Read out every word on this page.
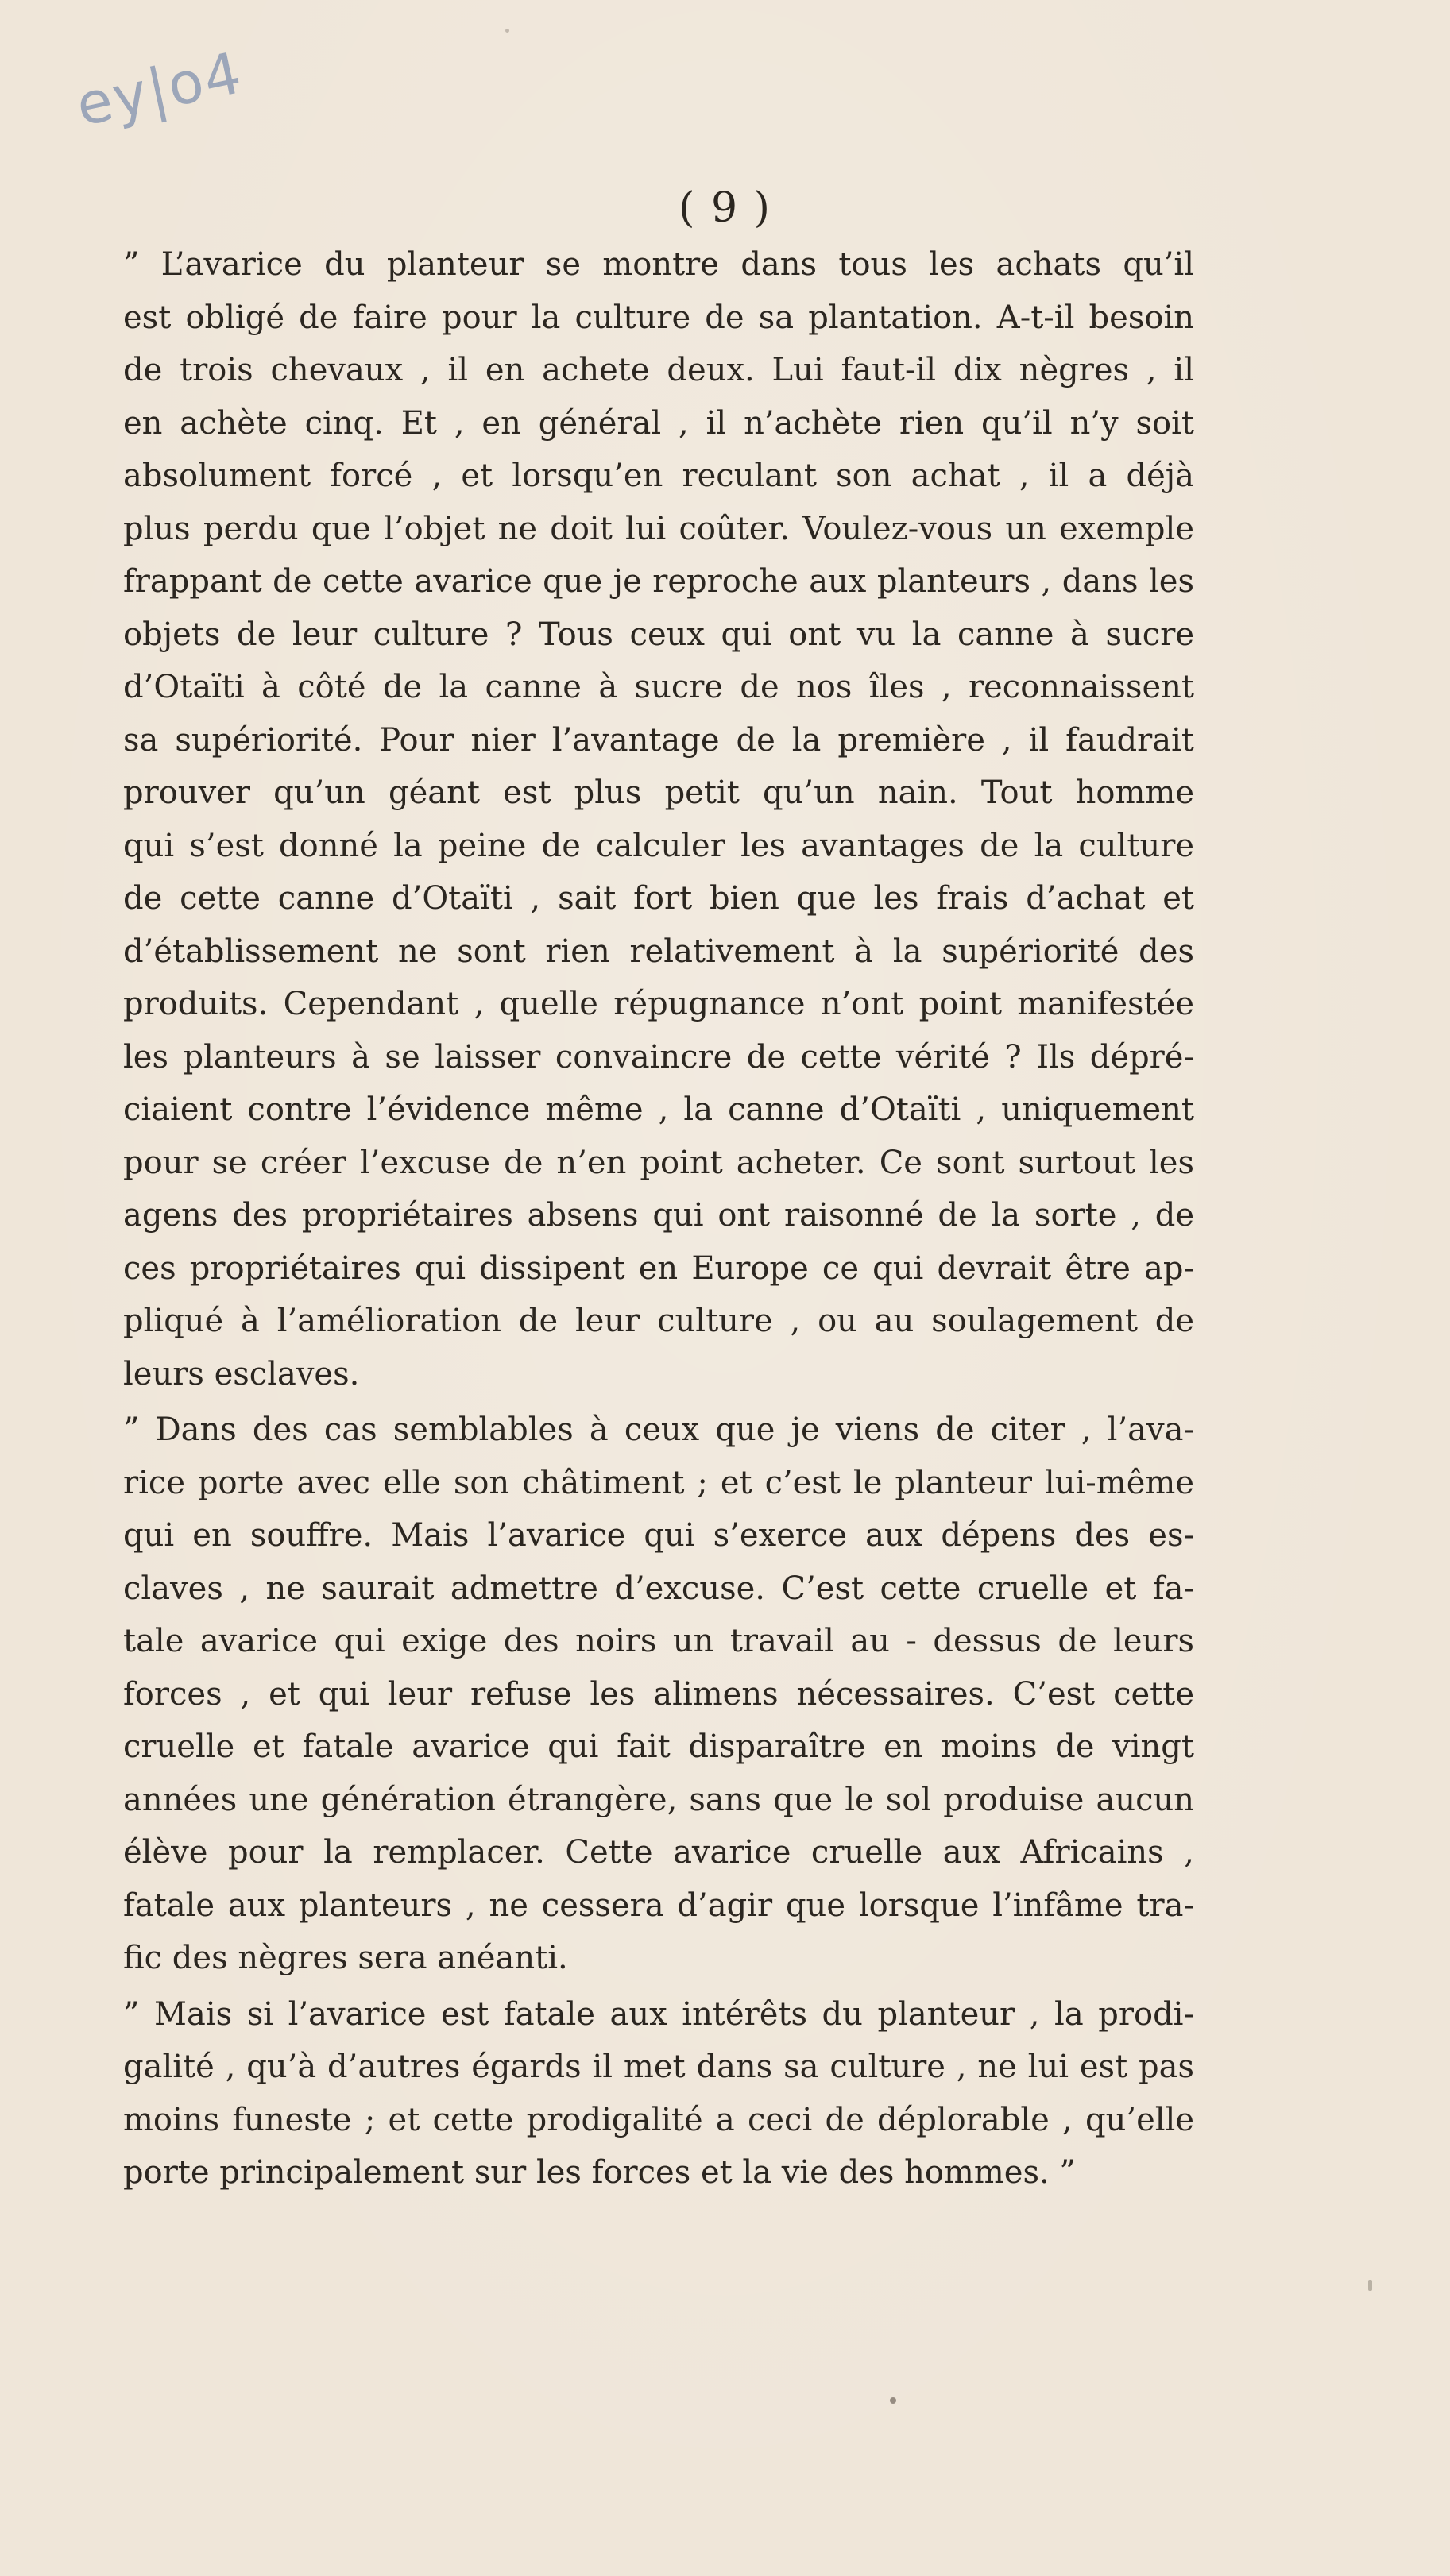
ey|o4
( 9 )

” L’avarice du planteur se montre dans tous les achats qu’il
est obligé de faire pour la culture de sa plantation. A-t-il besoin
de trois chevaux , il en achete deux. Lui faut-il dix nègres , il
en achète cinq. Et , en général , il n’achète rien qu’il n’y soit
absolument forcé , et lorsqu’en reculant son achat , il a déjà
plus perdu que l’objet ne doit lui coûter. Voulez-vous un exemple
frappant de cette avarice que je reproche aux planteurs , dans les
objets de leur culture ? Tous ceux qui ont vu la canne à sucre
d’Otaïti à côté de la canne à sucre de nos îles , reconnaissent
sa supériorité. Pour nier l’avantage de la première , il faudrait
prouver qu’un géant est plus petit qu’un nain. Tout homme
qui s’est donné la peine de calculer les avantages de la culture
de cette canne d’Otaïti , sait fort bien que les frais d’achat et
d’établissement ne sont rien relativement à la supériorité des
produits. Cependant , quelle répugnance n’ont point manifestée
les planteurs à se laisser convaincre de cette vérité ? Ils dépré-
ciaient contre l’évidence même , la canne d’Otaïti , uniquement
pour se créer l’excuse de n’en point acheter. Ce sont surtout les
agens des propriétaires absens qui ont raisonné de la sorte , de
ces propriétaires qui dissipent en Europe ce qui devrait être ap-
pliqué à l’amélioration de leur culture , ou au soulagement de
leurs esclaves.

” Dans des cas semblables à ceux que je viens de citer , l’ava-
rice porte avec elle son châtiment ; et c’est le planteur lui-même
qui en souffre. Mais l’avarice qui s’exerce aux dépens des es-
claves , ne saurait admettre d’excuse. C’est cette cruelle et fa-
tale avarice qui exige des noirs un travail au - dessus de leurs
forces , et qui leur refuse les alimens nécessaires. C’est cette
cruelle et fatale avarice qui fait disparaître en moins de vingt
années une génération étrangère, sans que le sol produise aucun
élève pour la remplacer. Cette avarice cruelle aux Africains ,
fatale aux planteurs , ne cessera d’agir que lorsque l’infâme tra-
fic des nègres sera anéanti.

” Mais si l’avarice est fatale aux intérêts du planteur , la prodi-
galité , qu’à d’autres égards il met dans sa culture , ne lui est pas
moins funeste ; et cette prodigalité a ceci de déplorable , qu’elle
porte principalement sur les forces et la vie des hommes. ”
